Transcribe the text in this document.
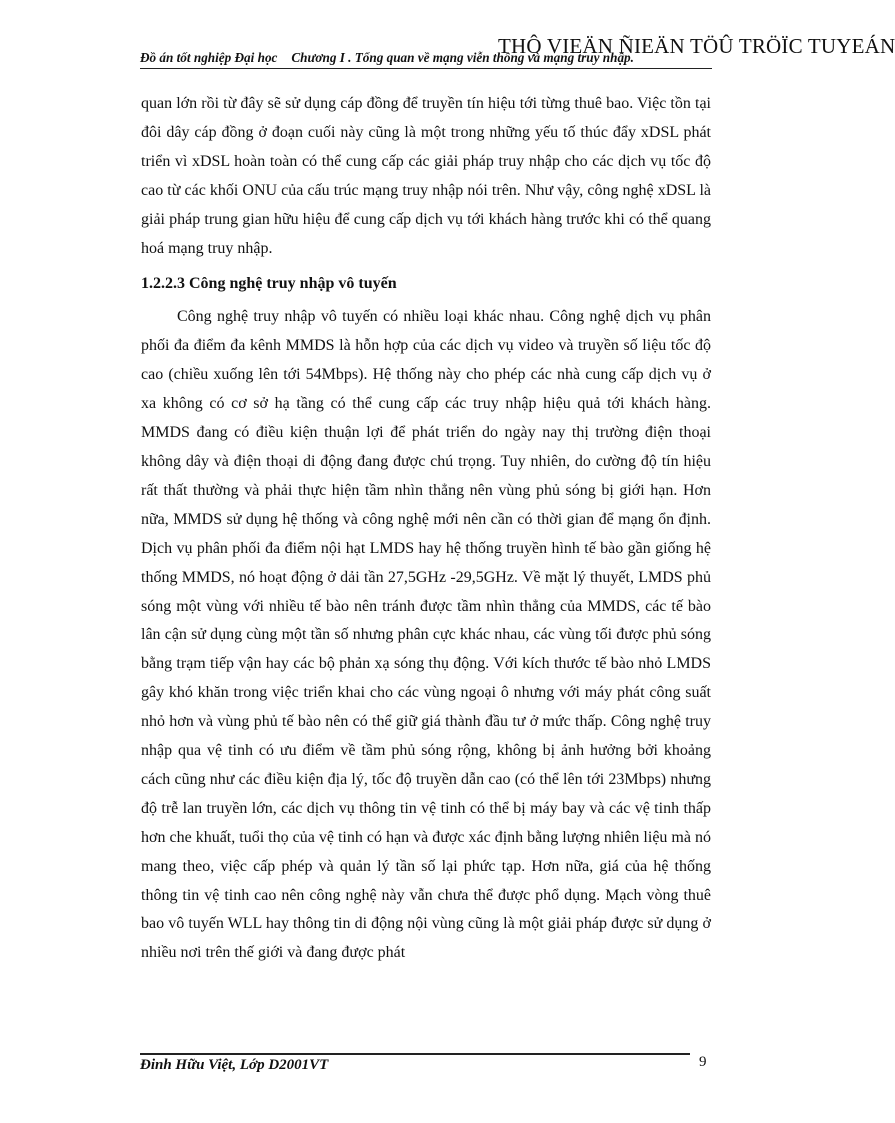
THỘ VIEÄN ÑIEÄN TÖÛ TRÖÏC TUYEÁN
Đồ án tốt nghiệp Đại học Chương I . Tổng quan về mạng viễn thông và mạng truy nhập.

quan lớn rồi từ đây sẽ sử dụng cáp đồng để truyền tín hiệu tới từng thuê bao. Việc tồn tại đôi dây cáp đồng ở đoạn cuối này cũng là một trong những yếu tố thúc đẩy xDSL phát triển vì xDSL hoàn toàn có thể cung cấp các giải pháp truy nhập cho các dịch vụ tốc độ cao từ các khối ONU của cấu trúc mạng truy nhập nói trên. Như vậy, công nghệ xDSL là giải pháp trung gian hữu hiệu để cung cấp dịch vụ tới khách hàng trước khi có thể quang hoá mạng truy nhập.

1.2.2.3 Công nghệ truy nhập vô tuyến

Công nghệ truy nhập vô tuyến có nhiều loại khác nhau. Công nghệ dịch vụ phân phối đa điểm đa kênh MMDS là hỗn hợp của các dịch vụ video và truyền số liệu tốc độ cao (chiều xuống lên tới 54Mbps). Hệ thống này cho phép các nhà cung cấp dịch vụ ở xa không có cơ sở hạ tầng có thể cung cấp các truy nhập hiệu quả tới khách hàng. MMDS đang có điều kiện thuận lợi để phát triển do ngày nay thị trường điện thoại không dây và điện thoại di động đang được chú trọng. Tuy nhiên, do cường độ tín hiệu rất thất thường và phải thực hiện tầm nhìn thẳng nên vùng phủ sóng bị giới hạn. Hơn nữa, MMDS sử dụng hệ thống và công nghệ mới nên cần có thời gian để mạng ổn định. Dịch vụ phân phối đa điểm nội hạt LMDS hay hệ thống truyền hình tế bào gần giống hệ thống MMDS, nó hoạt động ở dải tần 27,5GHz -29,5GHz. Về mặt lý thuyết, LMDS phủ sóng một vùng với nhiều tế bào nên tránh được tầm nhìn thẳng của MMDS, các tế bào lân cận sử dụng cùng một tần số nhưng phân cực khác nhau, các vùng tối được phủ sóng bằng trạm tiếp vận hay các bộ phản xạ sóng thụ động. Với kích thước tế bào nhỏ LMDS gây khó khăn trong việc triển khai cho các vùng ngoại ô nhưng với máy phát công suất nhỏ hơn và vùng phủ tế bào nên có thể giữ giá thành đầu tư ở mức thấp. Công nghệ truy nhập qua vệ tinh có ưu điểm về tầm phủ sóng rộng, không bị ảnh hưởng bởi khoảng cách cũng như các điều kiện địa lý, tốc độ truyền dẫn cao (có thể lên tới 23Mbps) nhưng độ trễ lan truyền lớn, các dịch vụ thông tin vệ tinh có thể bị máy bay và các vệ tinh thấp hơn che khuất, tuổi thọ của vệ tinh có hạn và được xác định bằng lượng nhiên liệu mà nó mang theo, việc cấp phép và quản lý tần số lại phức tạp. Hơn nữa, giá của hệ thống thông tin vệ tinh cao nên công nghệ này vẫn chưa thể được phổ dụng. Mạch vòng thuê bao vô tuyến WLL hay thông tin di động nội vùng cũng là một giải pháp được sử dụng ở nhiều nơi trên thế giới và đang được phát

Đinh Hữu Việt, Lớp D2001VT	9
